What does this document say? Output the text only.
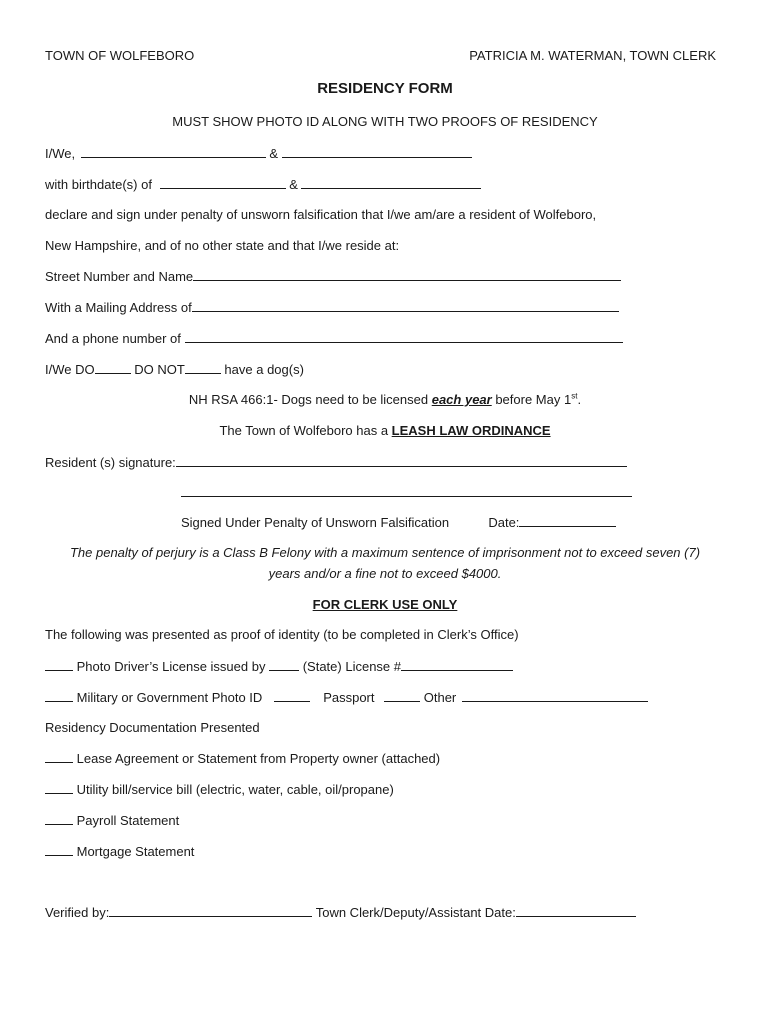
TOWN OF WOLFEBORO	PATRICIA M. WATERMAN, TOWN CLERK
RESIDENCY FORM
MUST SHOW PHOTO ID ALONG WITH TWO PROOFS OF RESIDENCY
I/We,	&
with birthdate(s) of	&
declare and sign under penalty of unsworn falsification that I/we am/are a resident of Wolfeboro,
New Hampshire, and of no other state and that I/we reside at:
Street Number and Name
With a Mailing Address of
And a phone number of
I/We DO	DO NOT	have a dog(s)
NH RSA 466:1- Dogs need to be licensed each year before May 1st.
The Town of Wolfeboro has a LEASH LAW ORDINANCE
Resident (s) signature:
Signed Under Penalty of Unsworn Falsification	Date:
The penalty of perjury is a Class B Felony with a maximum sentence of imprisonment not to exceed seven (7)
years and/or a fine not to exceed $4000.
FOR CLERK USE ONLY
The following was presented as proof of identity (to be completed in Clerk’s Office)
Photo Driver’s License issued by	(State) License #
Military or Government Photo ID	Passport	Other
Residency Documentation Presented
Lease Agreement or Statement from Property owner (attached)
Utility bill/service bill (electric, water, cable, oil/propane)
Payroll Statement
Mortgage Statement
Verified by:	Town Clerk/Deputy/Assistant Date:
